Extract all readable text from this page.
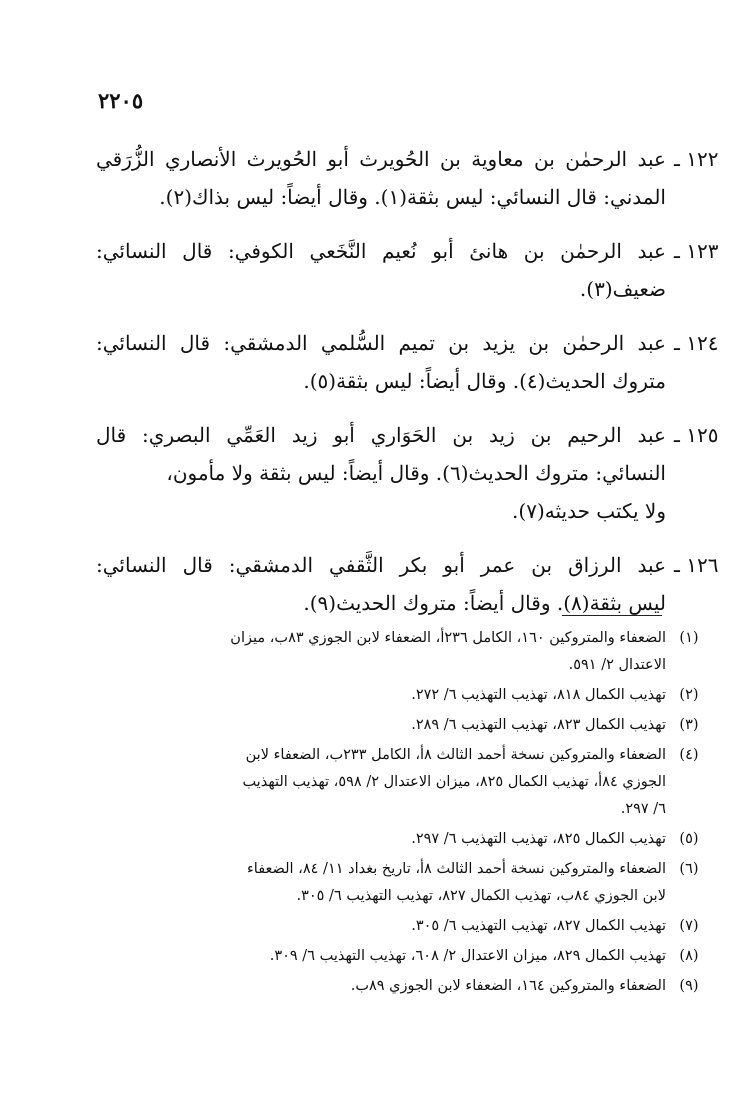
٢٢٠٥
١٢٢ ـ
عبد الرحمٰن بن معاوية بن الحُويرث أبو الحُويرث الأنصاري الزُّرَقي
المدني: قال النسائي: ليس بثقة(١). وقال أيضاً: ليس بذاك(٢).
١٢٣ ـ
عبد الرحمٰن بن هانئ أبو نُعيم النَّخَعي الكوفي: قال النسائي:
ضعيف(٣).
١٢٤ ـ
عبد الرحمٰن بن يزيد بن تميم السُّلمي الدمشقي: قال النسائي:
متروك الحديث(٤). وقال أيضاً: ليس بثقة(٥).
١٢٥ ـ
عبد الرحيم بن زيد بن الحَوَاري أبو زيد العَمِّي البصري: قال
النسائي: متروك الحديث(٦). وقال أيضاً: ليس بثقة ولا مأمون،
ولا يكتب حديثه(٧).
١٢٦ ـ
عبد الرزاق بن عمر أبو بكر الثَّقفي الدمشقي: قال النسائي:
ليس بثقة(٨). وقال أيضاً: متروك الحديث(٩).
(١)
الضعفاء والمتروكين ١٦٠، الكامل ٢٣٦أ، الضعفاء لابن الجوزي ٨٣ب، ميزان
الاعتدال ٢/ ٥٩١.
(٢)
تهذيب الكمال ٨١٨، تهذيب التهذيب ٦/ ٢٧٢.
(٣)
تهذيب الكمال ٨٢٣، تهذيب التهذيب ٦/ ٢٨٩.
(٤)
الضعفاء والمتروكين نسخة أحمد الثالث ٨أ، الكامل ٢٣٣ب، الضعفاء لابن
الجوزي ٨٤أ، تهذيب الكمال ٨٢٥، ميزان الاعتدال ٢/ ٥٩٨، تهذيب التهذيب
٦/ ٢٩٧.
(٥)
تهذيب الكمال ٨٢٥، تهذيب التهذيب ٦/ ٢٩٧.
(٦)
الضعفاء والمتروكين نسخة أحمد الثالث ٨أ، تاريخ بغداد ١١/ ٨٤، الضعفاء
لابن الجوزي ٨٤ب، تهذيب الكمال ٨٢٧، تهذيب التهذيب ٦/ ٣٠٥.
(٧)
تهذيب الكمال ٨٢٧، تهذيب التهذيب ٦/ ٣٠٥.
(٨)
تهذيب الكمال ٨٢٩، ميزان الاعتدال ٢/ ٦٠٨، تهذيب التهذيب ٦/ ٣٠٩.
(٩)
الضعفاء والمتروكين ١٦٤، الضعفاء لابن الجوزي ٨٩ب.
